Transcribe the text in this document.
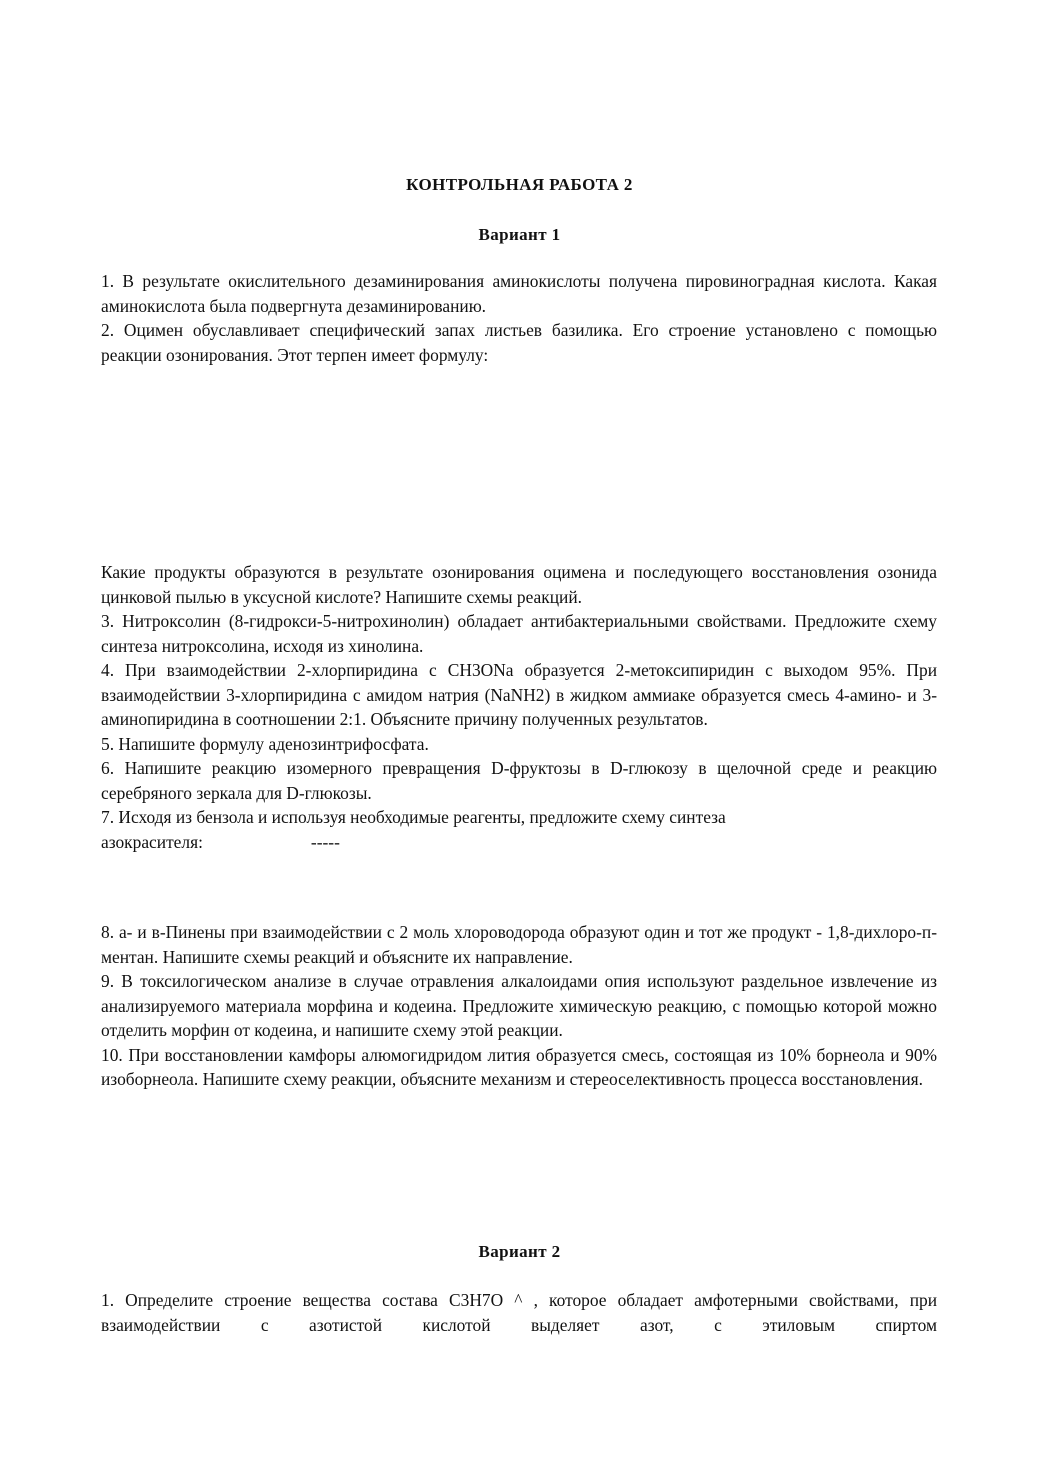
КОНТРОЛЬНАЯ РАБОТА 2
Вариант 1

1. В результате окислительного дезаминирования аминокислоты получена пировиноградная кислота. Какая аминокислота была подвергнута дезаминированию.

2. Оцимен обуславливает специфический запах листьев базилика. Его строение установлено с помощью реакции озонирования. Этот терпен имеет формулу:

Какие продукты образуются в результате озонирования оцимена и последующего восстановления озонида цинковой пылью в уксусной кислоте? Напишите схемы реакций.

3. Нитроксолин (8-гидрокси-5-нитрохинолин) обладает антибактериальными свойствами. Предложите схему синтеза нитроксолина, исходя из хинолина.

4. При взаимодействии 2-хлорпиридина с CH3ONa образуется 2-метоксипиридин с выходом 95%. При взаимодействии 3-хлорпиридина с амидом натрия (NaNH2) в жидком аммиаке образуется смесь 4-амино- и 3-аминопиридина в соотношении 2:1. Объясните причину полученных результатов.

5. Напишите формулу аденозинтрифосфата.

6. Напишите реакцию изомерного превращения D-фруктозы в D-глюкозу в щелочной среде и реакцию серебряного зеркала для D-глюкозы.

7. Исходя из бензола и используя необходимые реагенты, предложите схему синтеза

азокрасителя:	-----

8. а- и в-Пинены при взаимодействии с 2 моль хлороводорода образуют один и тот же продукт - 1,8-дихлоро-п-ментан. Напишите схемы реакций и объясните их направление.

9. В токсилогическом анализе в случае отравления алкалоидами опия используют раздельное извлечение из анализируемого материала морфина и кодеина. Предложите химическую реакцию, с помощью которой можно отделить морфин от кодеина, и напишите схему этой реакции.

10. При восстановлении камфоры алюмогидридом лития образуется смесь, состоящая из 10% борнеола и 90% изоборнеола. Напишите схему реакции, объясните механизм и стереоселективность процесса восстановления.

Вариант 2

1. Определите строение вещества состава C3H7O ^ , которое обладает амфотерными свойствами, при взаимодействии с азотистой кислотой выделяет азот, с этиловым спиртом
